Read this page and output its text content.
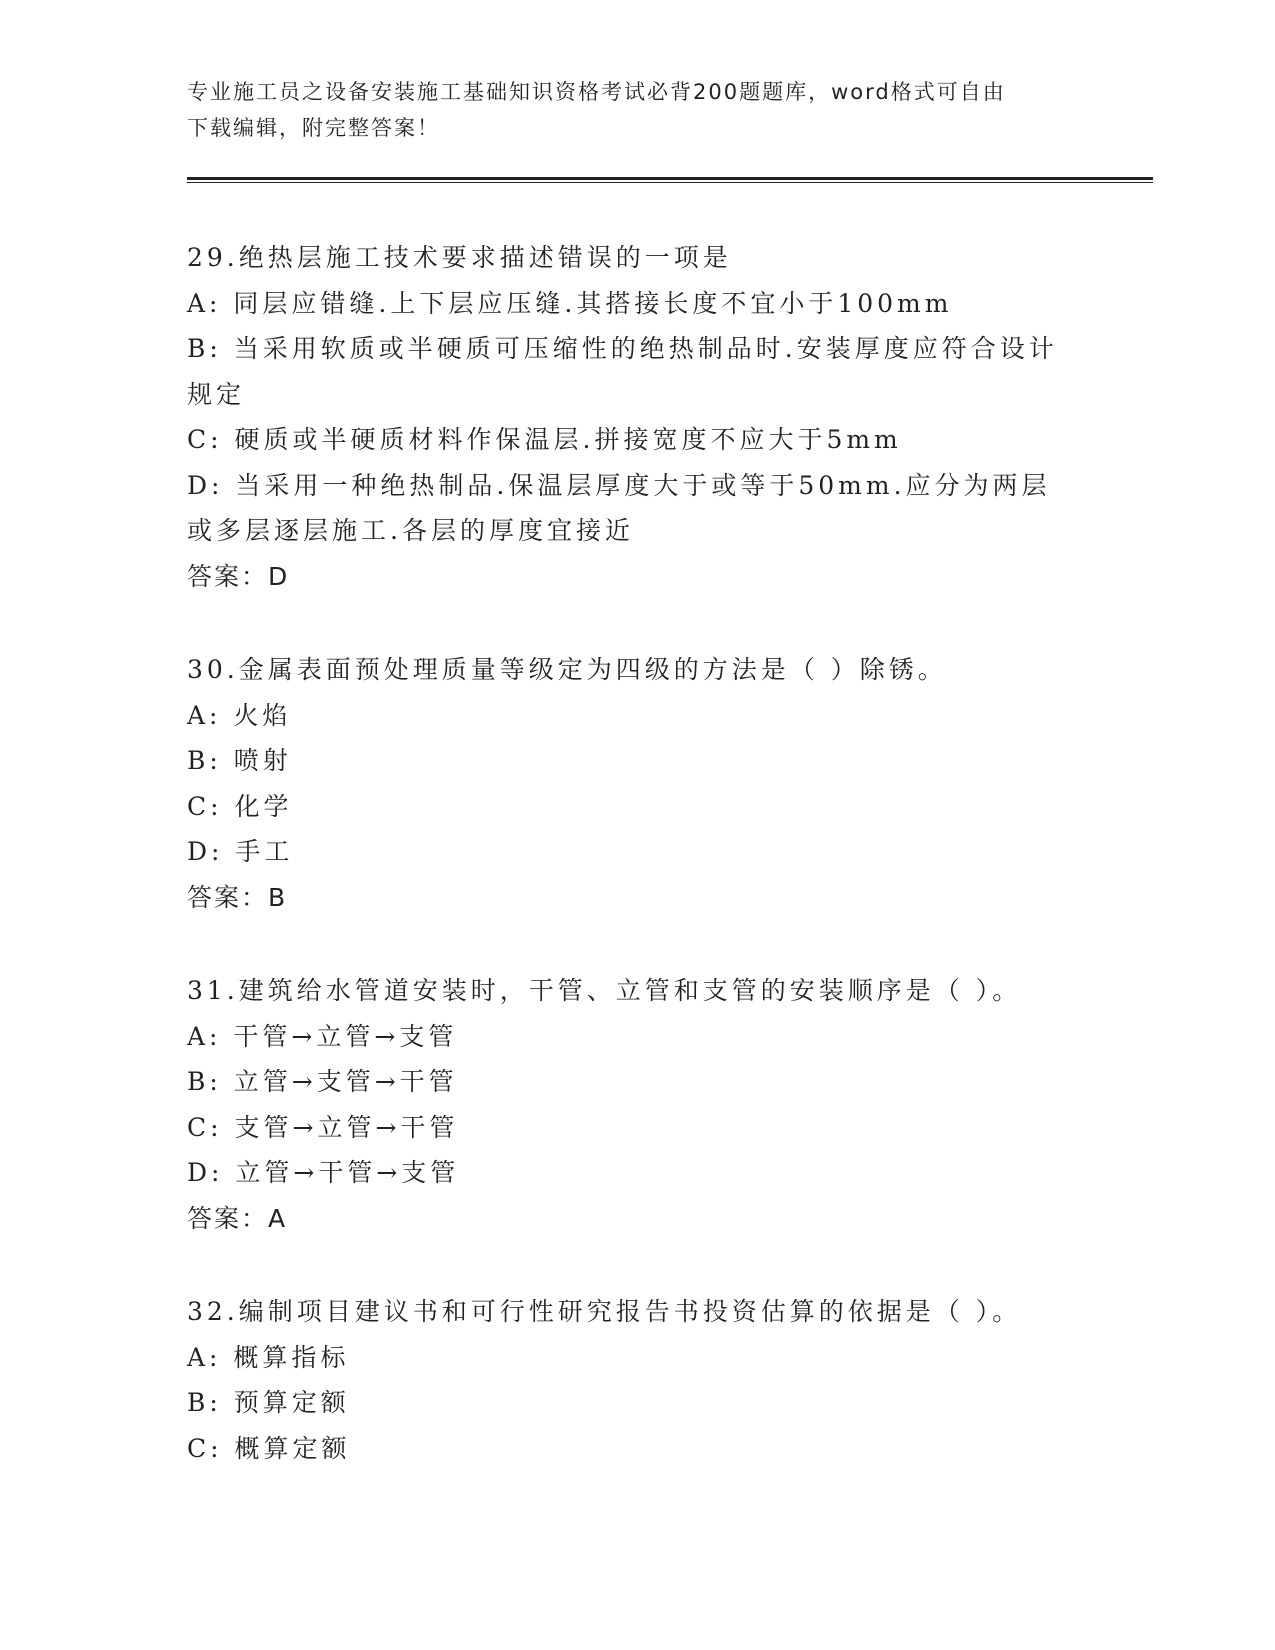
专业施工员之设备安装施工基础知识资格考试必背200题题库，word格式可自由
下载编辑，附完整答案！
29.绝热层施工技术要求描述错误的一项是
A: 同层应错缝.上下层应压缝.其搭接长度不宜小于100mm
B: 当采用软质或半硬质可压缩性的绝热制品时.安装厚度应符合设计规定
C: 硬质或半硬质材料作保温层.拼接宽度不应大于5mm
D: 当采用一种绝热制品.保温层厚度大于或等于50mm.应分为两层或多层逐层施工.各层的厚度宜接近
答案：D
30.金属表面预处理质量等级定为四级的方法是（ ）除锈。
A: 火焰
B: 喷射
C: 化学
D: 手工
答案：B
31.建筑给水管道安装时，干管、立管和支管的安装顺序是（ ）。
A: 干管→立管→支管
B: 立管→支管→干管
C: 支管→立管→干管
D: 立管→干管→支管
答案：A
32.编制项目建议书和可行性研究报告书投资估算的依据是（ ）。
A: 概算指标
B: 预算定额
C: 概算定额
